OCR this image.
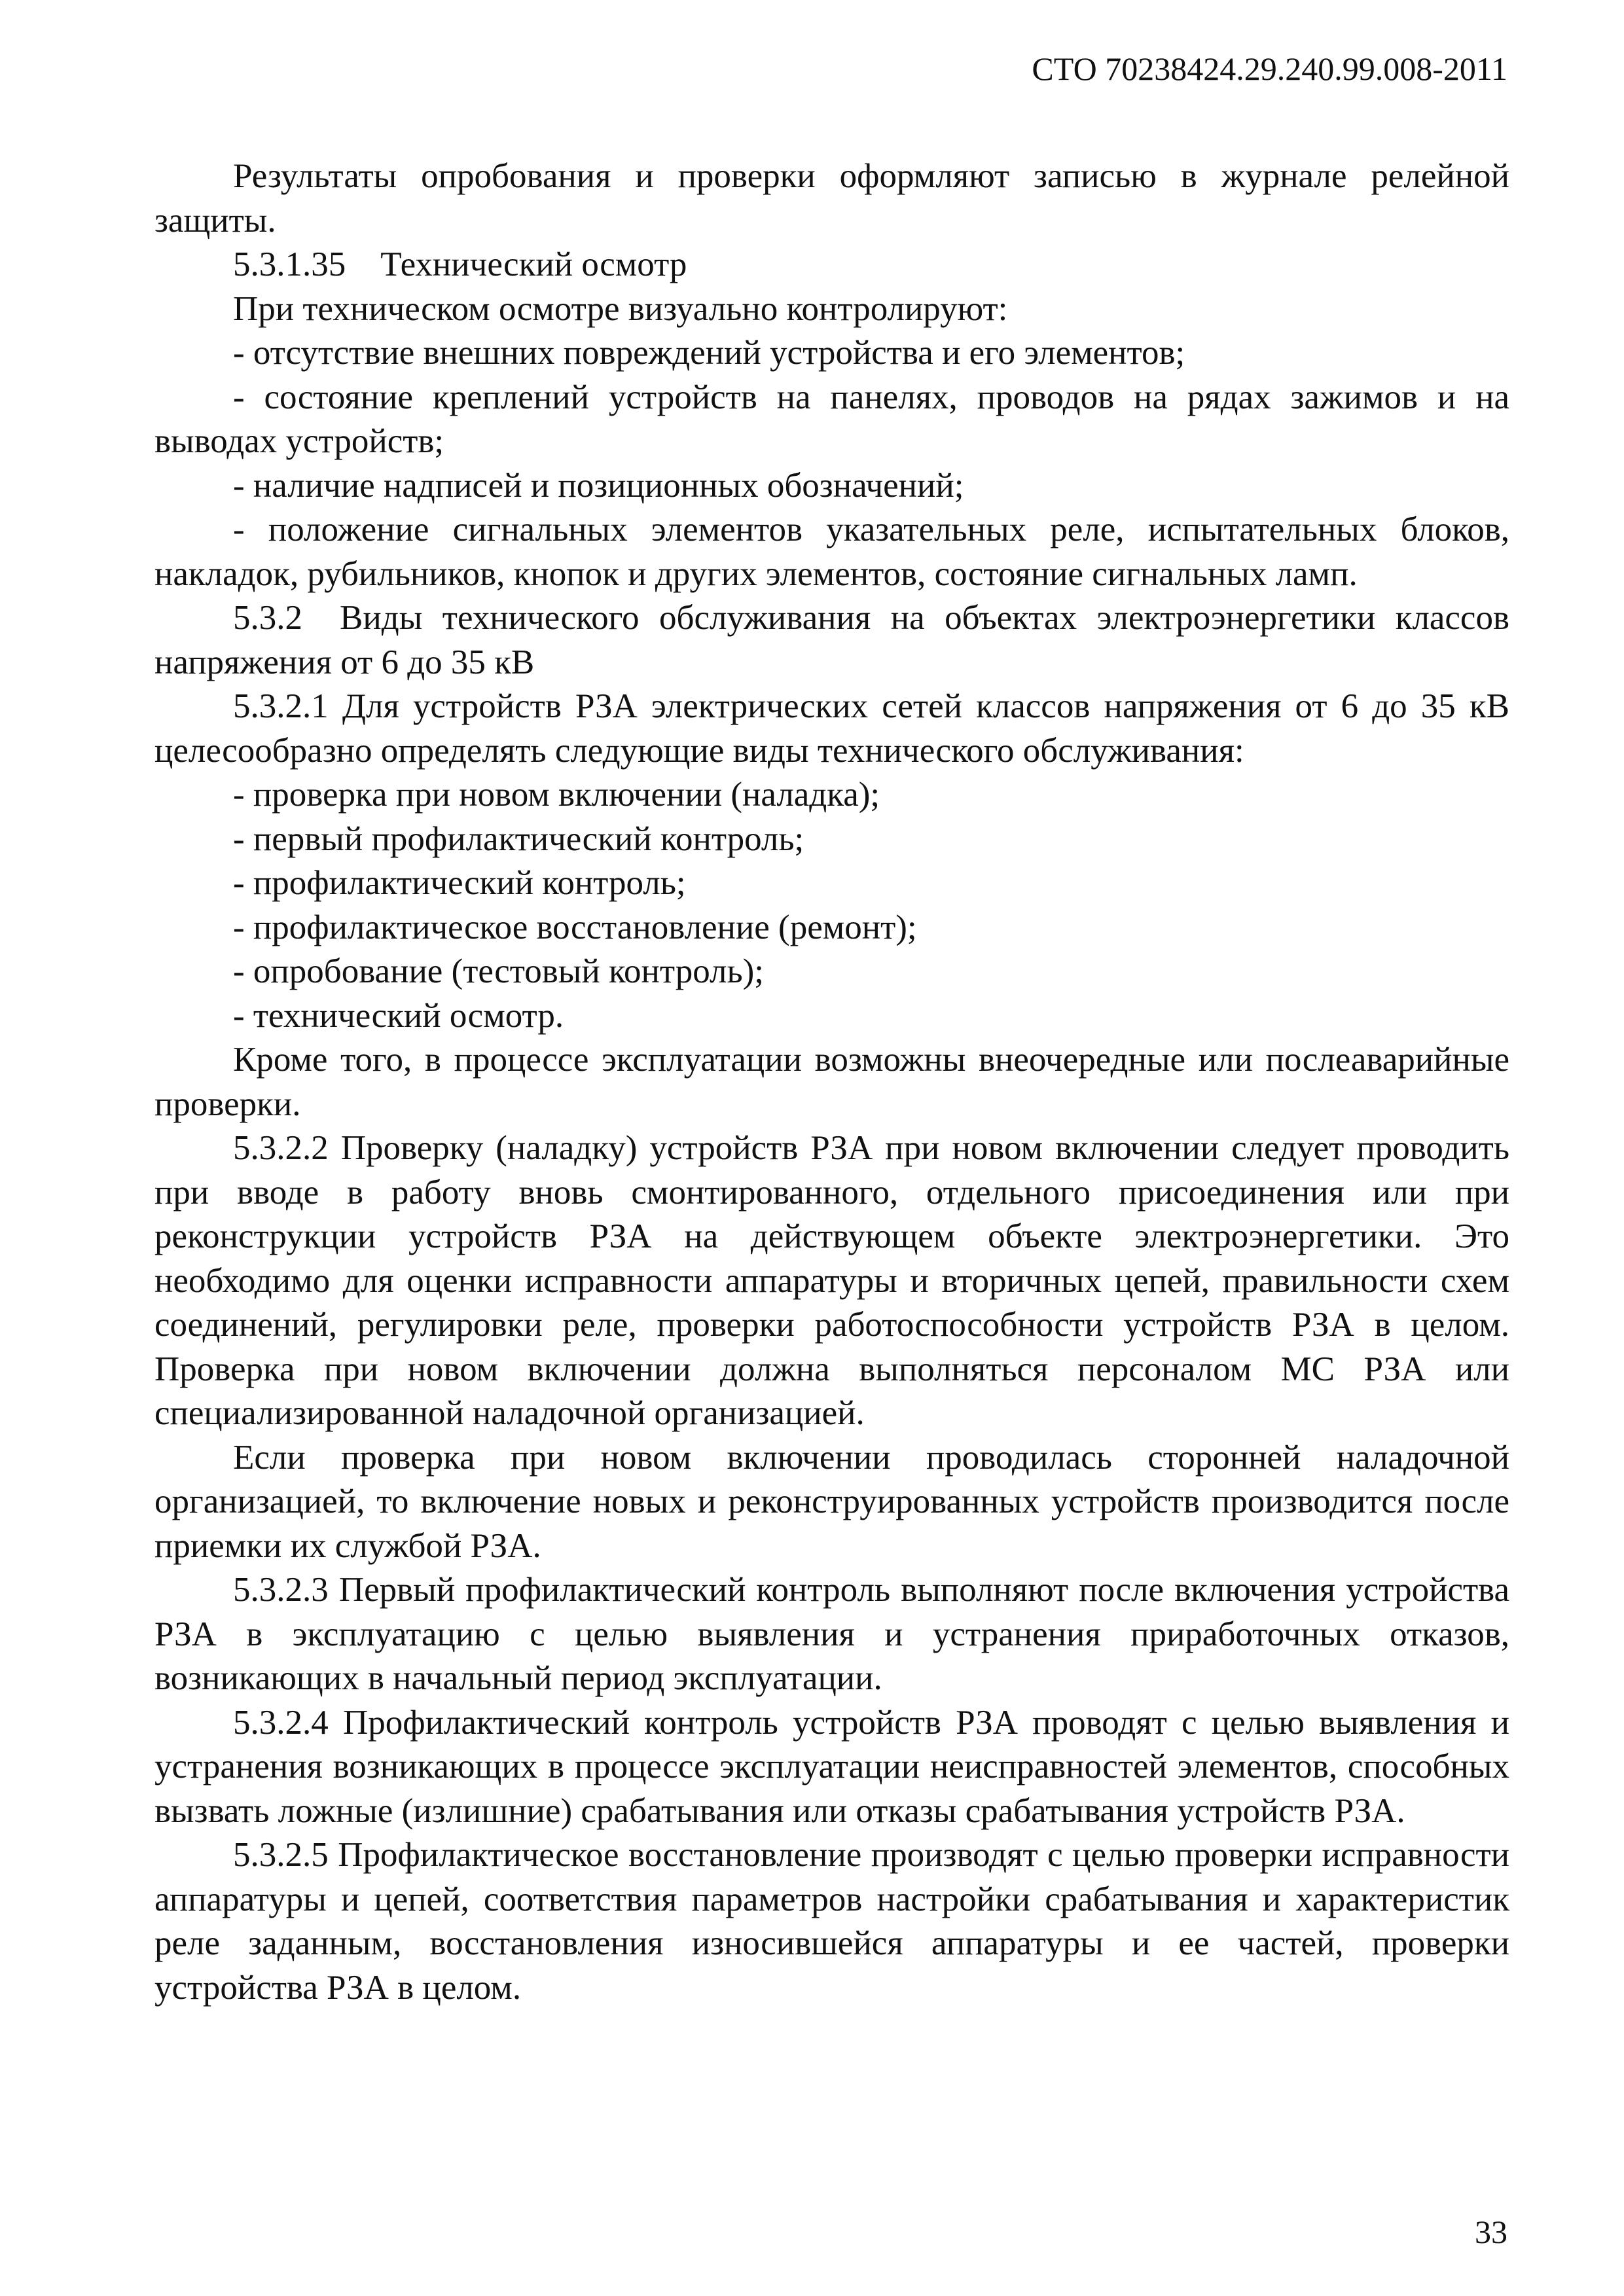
СТО 70238424.29.240.99.008-2011

Результаты опробования и проверки оформляют записью в журнале релейной защиты.

5.3.1.35 Технический осмотр

При техническом осмотре визуально контролируют:

- отсутствие внешних повреждений устройства и его элементов;

- состояние креплений устройств на панелях, проводов на рядах зажимов и на выводах устройств;

- наличие надписей и позиционных обозначений;

- положение сигнальных элементов указательных реле, испытательных блоков, накладок, рубильников, кнопок и других элементов, состояние сигнальных ламп.

5.3.2  Виды технического обслуживания на объектах электроэнергетики классов напряжения от 6 до 35 кВ

5.3.2.1 Для устройств РЗА электрических сетей классов напряжения от 6 до 35 кВ целесообразно определять следующие виды технического обслуживания:

- проверка при новом включении (наладка);

- первый профилактический контроль;

- профилактический контроль;

- профилактическое восстановление (ремонт);

- опробование (тестовый контроль);

- технический осмотр.

Кроме того, в процессе эксплуатации возможны внеочередные или послеаварийные проверки.

5.3.2.2 Проверку (наладку) устройств РЗА при новом включении следует проводить при вводе в работу вновь смонтированного, отдельного присоединения или при реконструкции устройств РЗА на действующем объекте электроэнергетики. Это необходимо для оценки исправности аппаратуры и вторичных цепей, правильности схем соединений, регулировки реле, проверки работоспособности устройств РЗА в целом. Проверка при новом включении должна выполняться персоналом МС РЗА или специализированной наладочной организацией.

Если проверка при новом включении проводилась сторонней наладочной организацией, то включение новых и реконструированных устройств производится после приемки их службой РЗА.

5.3.2.3 Первый профилактический контроль выполняют после включения устройства РЗА в эксплуатацию с целью выявления и устранения приработочных отказов, возникающих в начальный период эксплуатации.

5.3.2.4 Профилактический контроль устройств РЗА проводят с целью выявления и устранения возникающих в процессе эксплуатации неисправностей элементов, способных вызвать ложные (излишние) срабатывания или отказы срабатывания устройств РЗА.

5.3.2.5 Профилактическое восстановление производят с целью проверки исправности аппаратуры и цепей, соответствия параметров настройки срабатывания и характеристик реле заданным, восстановления износившейся аппаратуры и ее частей, проверки устройства РЗА в целом.

33
